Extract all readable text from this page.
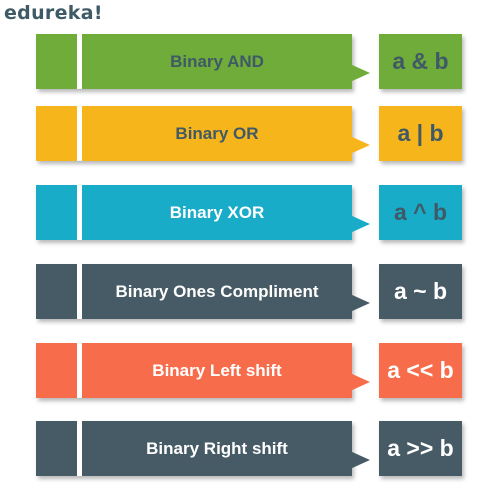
edureka!
Binary AND	a & b
Binary OR	a | b
Binary XOR	a ^ b
Binary Ones Compliment	a ~ b
Binary Left shift	a << b
Binary Right shift	a >> b
